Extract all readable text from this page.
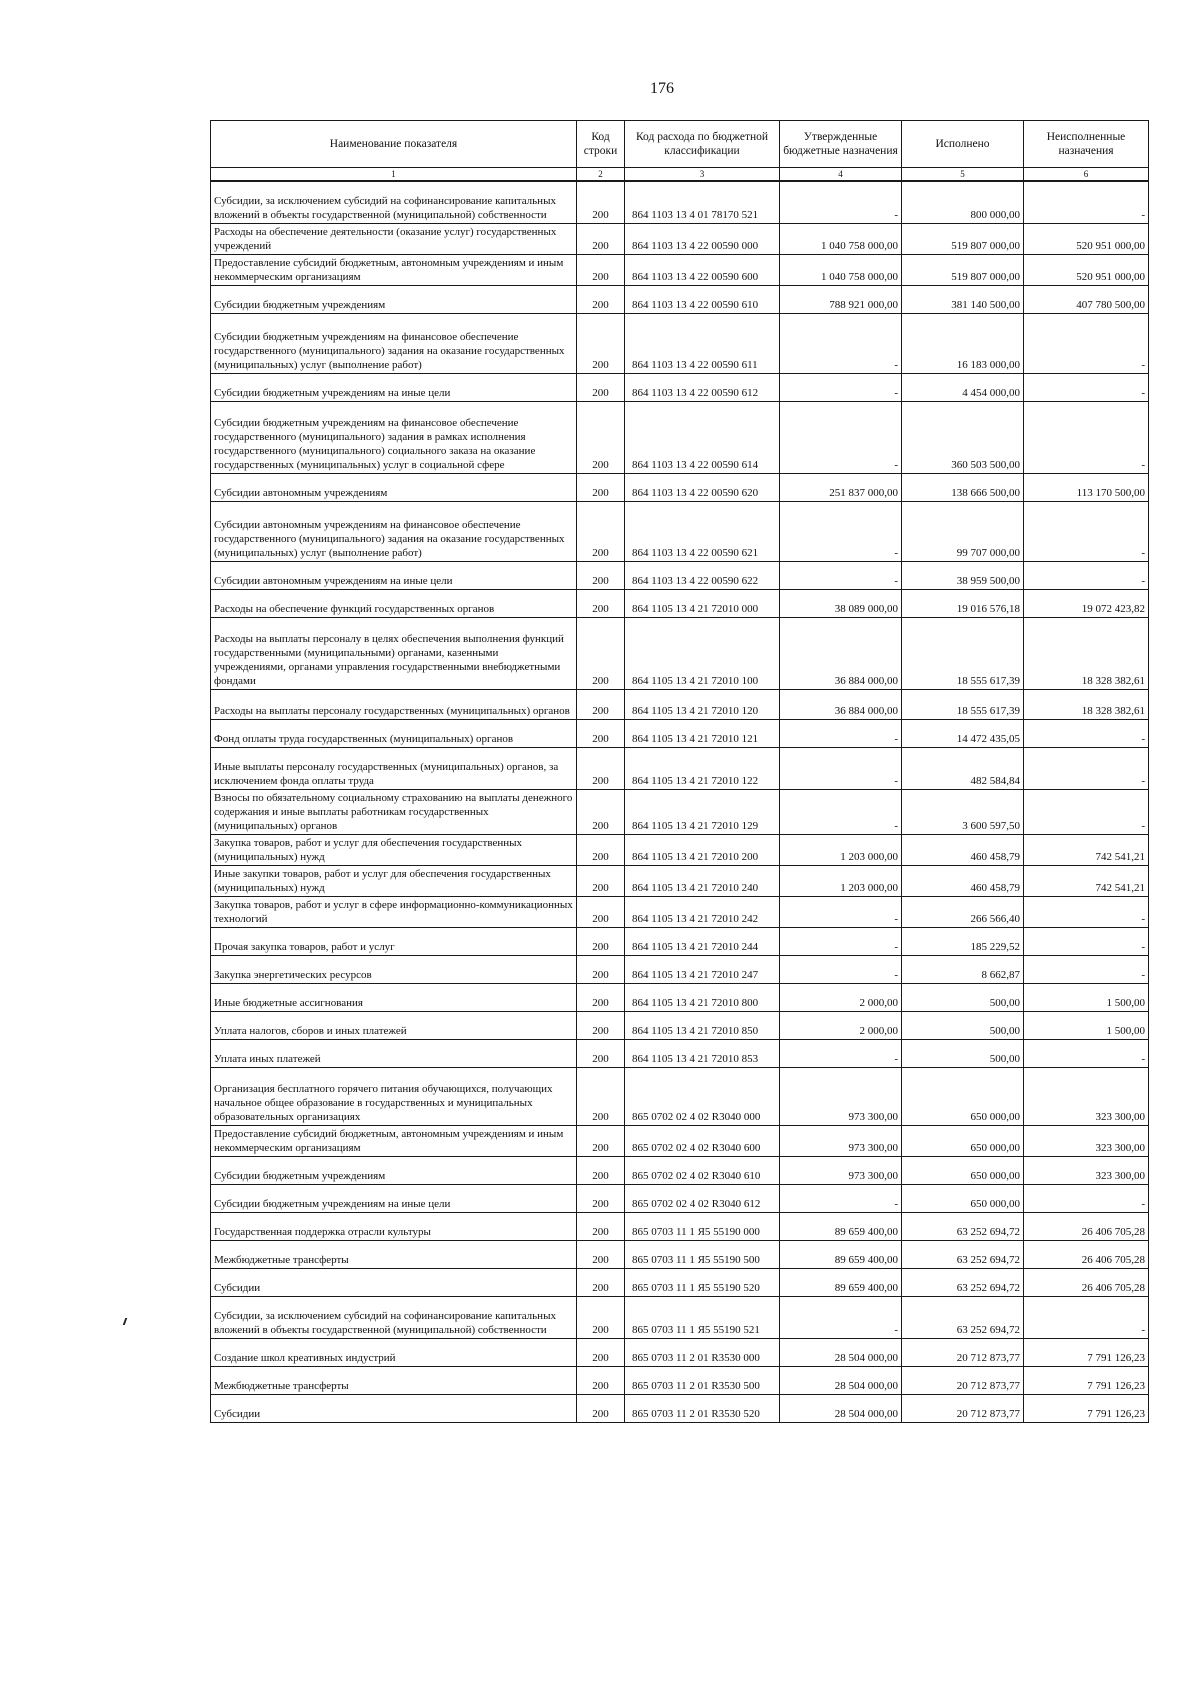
176
Наименование показателя	Код строки	Код расхода по бюджетной классификации	Утвержденные бюджетные назначения	Исполнено	Неисполненные назначения
1	2	3	4	5	6
Субсидии, за исключением субсидий на софинансирование капитальных вложений в объекты государственной (муниципальной) собственности	200	864 1103 13 4 01 78170 521	-	800 000,00	-
Расходы на обеспечение деятельности (оказание услуг) государственных учреждений	200	864 1103 13 4 22 00590 000	1 040 758 000,00	519 807 000,00	520 951 000,00
Предоставление субсидий бюджетным, автономным учреждениям и иным некоммерческим организациям	200	864 1103 13 4 22 00590 600	1 040 758 000,00	519 807 000,00	520 951 000,00
Субсидии бюджетным учреждениям	200	864 1103 13 4 22 00590 610	788 921 000,00	381 140 500,00	407 780 500,00
Субсидии бюджетным учреждениям на финансовое обеспечение государственного (муниципального) задания на оказание государственных (муниципальных) услуг (выполнение работ)	200	864 1103 13 4 22 00590 611	-	16 183 000,00	-
Субсидии бюджетным учреждениям на иные цели	200	864 1103 13 4 22 00590 612	-	4 454 000,00	-
Субсидии бюджетным учреждениям на финансовое обеспечение государственного (муниципального) задания в рамках исполнения государственного (муниципального) социального заказа на оказание государственных (муниципальных) услуг в социальной сфере	200	864 1103 13 4 22 00590 614	-	360 503 500,00	-
Субсидии автономным учреждениям	200	864 1103 13 4 22 00590 620	251 837 000,00	138 666 500,00	113 170 500,00
Субсидии автономным учреждениям на финансовое обеспечение государственного (муниципального) задания на оказание государственных (муниципальных) услуг (выполнение работ)	200	864 1103 13 4 22 00590 621	-	99 707 000,00	-
Субсидии автономным учреждениям на иные цели	200	864 1103 13 4 22 00590 622	-	38 959 500,00	-
Расходы на обеспечение функций государственных органов	200	864 1105 13 4 21 72010 000	38 089 000,00	19 016 576,18	19 072 423,82
Расходы на выплаты персоналу в целях обеспечения выполнения функций государственными (муниципальными) органами, казенными учреждениями, органами управления государственными внебюджетными фондами	200	864 1105 13 4 21 72010 100	36 884 000,00	18 555 617,39	18 328 382,61
Расходы на выплаты персоналу государственных (муниципальных) органов	200	864 1105 13 4 21 72010 120	36 884 000,00	18 555 617,39	18 328 382,61
Фонд оплаты труда государственных (муниципальных) органов	200	864 1105 13 4 21 72010 121	-	14 472 435,05	-
Иные выплаты персоналу государственных (муниципальных) органов, за исключением фонда оплаты труда	200	864 1105 13 4 21 72010 122	-	482 584,84	-
Взносы по обязательному социальному страхованию на выплаты денежного содержания и иные выплаты работникам государственных (муниципальных) органов	200	864 1105 13 4 21 72010 129	-	3 600 597,50	-
Закупка товаров, работ и услуг для обеспечения государственных (муниципальных) нужд	200	864 1105 13 4 21 72010 200	1 203 000,00	460 458,79	742 541,21
Иные закупки товаров, работ и услуг для обеспечения государственных (муниципальных) нужд	200	864 1105 13 4 21 72010 240	1 203 000,00	460 458,79	742 541,21
Закупка товаров, работ и услуг в сфере информационно-коммуникационных технологий	200	864 1105 13 4 21 72010 242	-	266 566,40	-
Прочая закупка товаров, работ и услуг	200	864 1105 13 4 21 72010 244	-	185 229,52	-
Закупка энергетических ресурсов	200	864 1105 13 4 21 72010 247	-	8 662,87	-
Иные бюджетные ассигнования	200	864 1105 13 4 21 72010 800	2 000,00	500,00	1 500,00
Уплата налогов, сборов и иных платежей	200	864 1105 13 4 21 72010 850	2 000,00	500,00	1 500,00
Уплата иных платежей	200	864 1105 13 4 21 72010 853	-	500,00	-
Организация бесплатного горячего питания обучающихся, получающих начальное общее образование в государственных и муниципальных образовательных организациях	200	865 0702 02 4 02 R3040 000	973 300,00	650 000,00	323 300,00
Предоставление субсидий бюджетным, автономным учреждениям и иным некоммерческим организациям	200	865 0702 02 4 02 R3040 600	973 300,00	650 000,00	323 300,00
Субсидии бюджетным учреждениям	200	865 0702 02 4 02 R3040 610	973 300,00	650 000,00	323 300,00
Субсидии бюджетным учреждениям на иные цели	200	865 0702 02 4 02 R3040 612	-	650 000,00	-
Государственная поддержка отрасли культуры	200	865 0703 11 1 Я5 55190 000	89 659 400,00	63 252 694,72	26 406 705,28
Межбюджетные трансферты	200	865 0703 11 1 Я5 55190 500	89 659 400,00	63 252 694,72	26 406 705,28
Субсидии	200	865 0703 11 1 Я5 55190 520	89 659 400,00	63 252 694,72	26 406 705,28
Субсидии, за исключением субсидий на софинансирование капитальных вложений в объекты государственной (муниципальной) собственности	200	865 0703 11 1 Я5 55190 521	-	63 252 694,72	-
Создание школ креативных индустрий	200	865 0703 11 2 01 R3530 000	28 504 000,00	20 712 873,77	7 791 126,23
Межбюджетные трансферты	200	865 0703 11 2 01 R3530 500	28 504 000,00	20 712 873,77	7 791 126,23
Субсидии	200	865 0703 11 2 01 R3530 520	28 504 000,00	20 712 873,77	7 791 126,23
